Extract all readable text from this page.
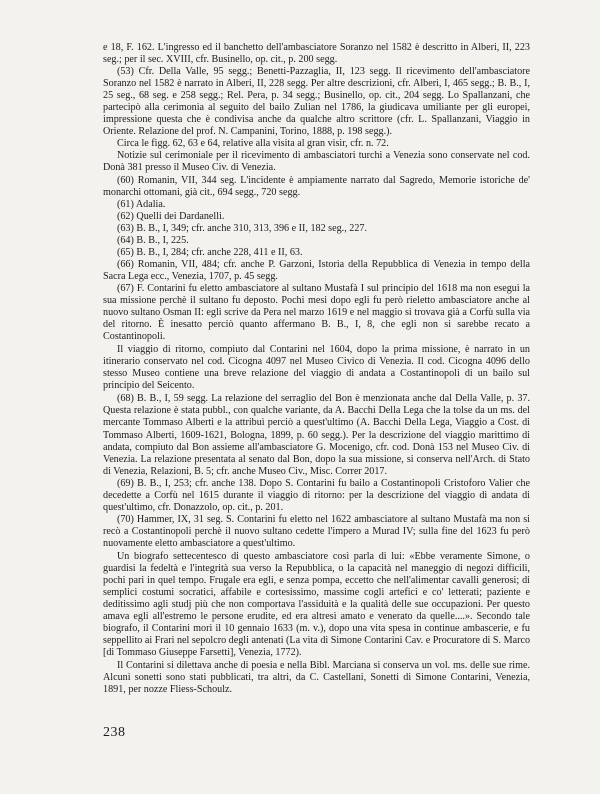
e 18, F. 162. L'ingresso ed il banchetto dell'ambasciatore Soranzo nel 1582 è descritto in Alberi, II, 223 seg.; per il sec. XVIII, cfr. Businello, op. cit., p. 200 segg.

(53) Cfr. Della Valle, 95 segg.; Benetti-Pazzaglia, II, 123 segg. Il ricevimento dell'ambasciatore Soranzo nel 1582 è narrato in Alberi, II, 228 segg. Per altre descrizioni, cfr. Alberi, I, 465 segg.; B. B., I, 25 seg., 68 seg. e 258 segg.; Rel. Pera, p. 34 segg.; Businello, op. cit., 204 segg. Lo Spallanzani, che partecipò alla cerimonia al seguito del bailo Zulian nel 1786, la giudicava umiliante per gli europei, impressione questa che è condivisa anche da qualche altro scrittore (cfr. L. Spallanzani, Viaggio in Oriente. Relazione del prof. N. Campanini, Torino, 1888, p. 198 segg.).

Circa le figg. 62, 63 e 64, relative alla visita al gran visir, cfr. n. 72.

Notizie sul cerimoniale per il ricevimento di ambasciatori turchi a Venezia sono conservate nel cod. Donà 381 presso il Museo Civ. di Venezia.

(60) Romanin, VII, 344 seg. L'incidente è ampiamente narrato dal Sagredo, Memorie istoriche de' monarchi ottomani, già cit., 694 segg., 720 segg.

(61) Adalia.

(62) Quelli dei Dardanelli.

(63) B. B., I, 349; cfr. anche 310, 313, 396 e II, 182 seg., 227.

(64) B. B., I, 225.

(65) B. B., I, 284; cfr. anche 228, 411 e II, 63.

(66) Romanin, VII, 484; cfr. anche P. Garzoni, Istoria della Repubblica di Venezia in tempo della Sacra Lega ecc., Venezia, 1707, p. 45 segg.

(67) F. Contarini fu eletto ambasciatore al sultano Mustafà I sul principio del 1618 ma non eseguì la sua missione perchè il sultano fu deposto. Pochi mesi dopo egli fu però rieletto ambasciatore anche al nuovo sultano Osman II: egli scrive da Pera nel marzo 1619 e nel maggio si trovava già a Corfù sulla via del ritorno. È inesatto perciò quanto affermano B. B., I, 8, che egli non si sarebbe recato a Costantinopoli.

Il viaggio di ritorno, compiuto dal Contarini nel 1604, dopo la prima missione, è narrato in un itinerario conservato nel cod. Cicogna 4097 nel Museo Civico di Venezia. Il cod. Cicogna 4096 dello stesso Museo contiene una breve relazione del viaggio di andata a Costantinopoli di un bailo sul principio del Seicento.

(68) B. B., I, 59 segg. La relazione del serraglio del Bon è menzionata anche dal Della Valle, p. 37. Questa relazione è stata pubbl., con qualche variante, da A. Bacchi Della Lega che la tolse da un ms. del mercante Tommaso Alberti e la attribuì perciò a quest'ultimo (A. Bacchi Della Lega, Viaggio a Cost. di Tommaso Alberti, 1609-1621, Bologna, 1899, p. 60 segg.). Per la descrizione del viaggio marittimo di andata, compiuto dal Bon assieme all'ambasciatore G. Mocenigo, cfr. cod. Donà 153 nel Museo Civ. di Venezia. La relazione presentata al senato dal Bon, dopo la sua missione, si conserva nell'Arch. di Stato di Venezia, Relazioni, B. 5; cfr. anche Museo Civ., Misc. Correr 2017.

(69) B. B., I, 253; cfr. anche 138. Dopo S. Contarini fu bailo a Costantinopoli Cristoforo Valier che decedette a Corfù nel 1615 durante il viaggio di ritorno: per la descrizione del viaggio di andata di quest'ultimo, cfr. Donazzolo, op. cit., p. 201.

(70) Hammer, IX, 31 seg. S. Contarini fu eletto nel 1622 ambasciatore al sultano Mustafà ma non si recò a Costantinopoli perchè il nuovo sultano cedette l'impero a Murad IV; sulla fine del 1623 fu però nuovamente eletto ambasciatore a quest'ultimo.

Un biografo settecentesco di questo ambasciatore così parla di lui: «Ebbe veramente Simone, o guardisi la fedeltà e l'integrità sua verso la Repubblica, o la capacità nel maneggio di negozi difficili, pochi pari in quel tempo. Frugale era egli, e senza pompa, eccetto che nell'alimentar cavalli generosi; di semplici costumi socratici, affabile e cortesissimo, massime cogli artefici e co' letterati; paziente e deditissimo agli studj più che non comportava l'assiduità e la qualità delle sue occupazioni. Per questo amava egli all'estremo le persone erudite, ed era altresì amato e venerato da quelle....». Secondo tale biografo, il Contarini morì il 10 gennaio 1633 (m. v.), dopo una vita spesa in continue ambascerie, e fu seppellito ai Frari nel sepolcro degli antenati (La vita di Simone Contarini Cav. e Procuratore di S. Marco [di Tommaso Giuseppe Farsetti], Venezia, 1772).

Il Contarini si dilettava anche di poesia e nella Bibl. Marciana si conserva un vol. ms. delle sue rime. Alcuni sonetti sono stati pubblicati, tra altri, da C. Castellani, Sonetti di Simone Contarini, Venezia, 1891, per nozze Fliess-Schoulz.

238
